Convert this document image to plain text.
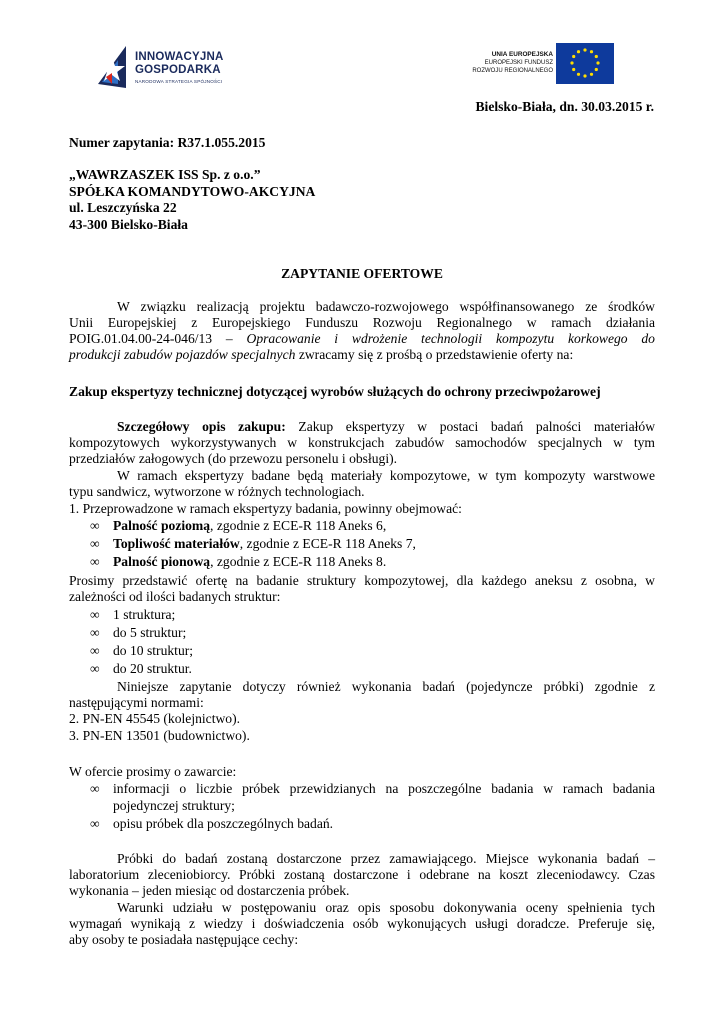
INNOWACYJNA
GOSPODARKA
NARODOWA STRATEGIA SPÓJNOŚCI
UNIA EUROPEJSKA
EUROPEJSKI FUNDUSZ
ROZWOJU REGIONALNEGO
Bielsko-Biała, dn. 30.03.2015 r.
Numer zapytania: R37.1.055.2015
„WAWRZASZEK ISS Sp. z o.o.”
SPÓŁKA KOMANDYTOWO-AKCYJNA
ul. Leszczyńska 22
43-300 Bielsko-Biała
ZAPYTANIE OFERTOWE
W związku realizacją projektu badawczo-rozwojowego współfinansowanego ze środków
Unii Europejskiej z Europejskiego Funduszu Rozwoju Regionalnego w ramach działania
POIG.01.04.00-24-046/13 – Opracowanie i wdrożenie technologii kompozytu korkowego do
produkcji zabudów pojazdów specjalnych zwracamy się z prośbą o przedstawienie oferty na:
Zakup ekspertyzy technicznej dotyczącej wyrobów służących do ochrony przeciwpożarowej
Szczegółowy opis zakupu: Zakup ekspertyzy w postaci badań palności materiałów
kompozytowych wykorzystywanych w konstrukcjach zabudów samochodów specjalnych w tym
przedziałów załogowych (do przewozu personelu i obsługi).
W ramach ekspertyzy badane będą materiały kompozytowe, w tym kompozyty warstwowe
typu sandwicz, wytworzone w różnych technologiach.
1. Przeprowadzone w ramach ekspertyzy badania, powinny obejmować:
∞ Palność poziomą, zgodnie z ECE-R 118 Aneks 6,
∞ Topliwość materiałów, zgodnie z ECE-R 118 Aneks 7,
∞ Palność pionową, zgodnie z ECE-R 118 Aneks 8.
Prosimy przedstawić ofertę na badanie struktury kompozytowej, dla każdego aneksu z osobna, w
zależności od ilości badanych struktur:
∞ 1 struktura;
∞ do 5 struktur;
∞ do 10 struktur;
∞ do 20 struktur.
Niniejsze zapytanie dotyczy również wykonania badań (pojedyncze próbki) zgodnie z
następującymi normami:
2. PN-EN 45545 (kolejnictwo).
3. PN-EN 13501 (budownictwo).
W ofercie prosimy o zawarcie:
∞ informacji o liczbie próbek przewidzianych na poszczególne badania w ramach badania
pojedynczej struktury;
∞ opisu próbek dla poszczególnych badań.
Próbki do badań zostaną dostarczone przez zamawiającego. Miejsce wykonania badań –
laboratorium zleceniobiorcy. Próbki zostaną dostarczone i odebrane na koszt zleceniodawcy. Czas
wykonania – jeden miesiąc od dostarczenia próbek.
Warunki udziału w postępowaniu oraz opis sposobu dokonywania oceny spełnienia tych
wymagań wynikają z wiedzy i doświadczenia osób wykonujących usługi doradcze. Preferuje się,
aby osoby te posiadała następujące cechy:
